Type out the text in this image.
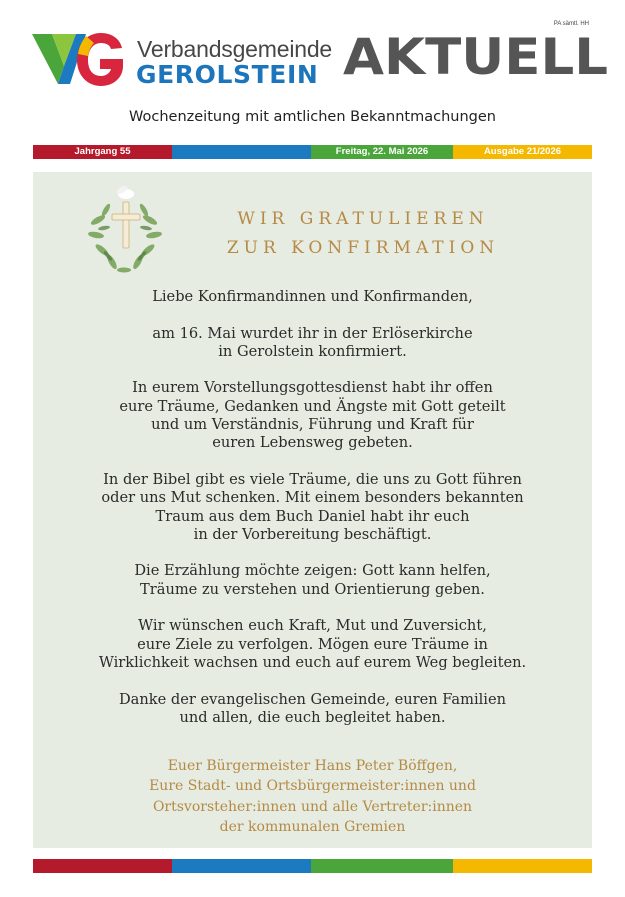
PA sämtl. HH
Verbandsgemeinde
GEROLSTEIN AKTUELL
Wochenzeitung mit amtlichen Bekanntmachungen
Jahrgang 55	Freitag, 22. Mai 2026	Ausgabe 21/2026
WIR GRATULIEREN
ZUR KONFIRMATION

Liebe Konfirmandinnen und Konfirmanden,

am 16. Mai wurdet ihr in der Erlöserkirche
in Gerolstein konfirmiert.

In eurem Vorstellungsgottesdienst habt ihr offen
eure Träume, Gedanken und Ängste mit Gott geteilt
und um Verständnis, Führung und Kraft für
euren Lebensweg gebeten.

In der Bibel gibt es viele Träume, die uns zu Gott führen
oder uns Mut schenken. Mit einem besonders bekannten
Traum aus dem Buch Daniel habt ihr euch
in der Vorbereitung beschäftigt.

Die Erzählung möchte zeigen: Gott kann helfen,
Träume zu verstehen und Orientierung geben.

Wir wünschen euch Kraft, Mut und Zuversicht,
eure Ziele zu verfolgen. Mögen eure Träume in
Wirklichkeit wachsen und euch auf eurem Weg begleiten.

Danke der evangelischen Gemeinde, euren Familien
und allen, die euch begleitet haben.

Euer Bürgermeister Hans Peter Böffgen,
Eure Stadt- und Ortsbürgermeister:innen und
Ortsvorsteher:innen und alle Vertreter:innen
der kommunalen Gremien
